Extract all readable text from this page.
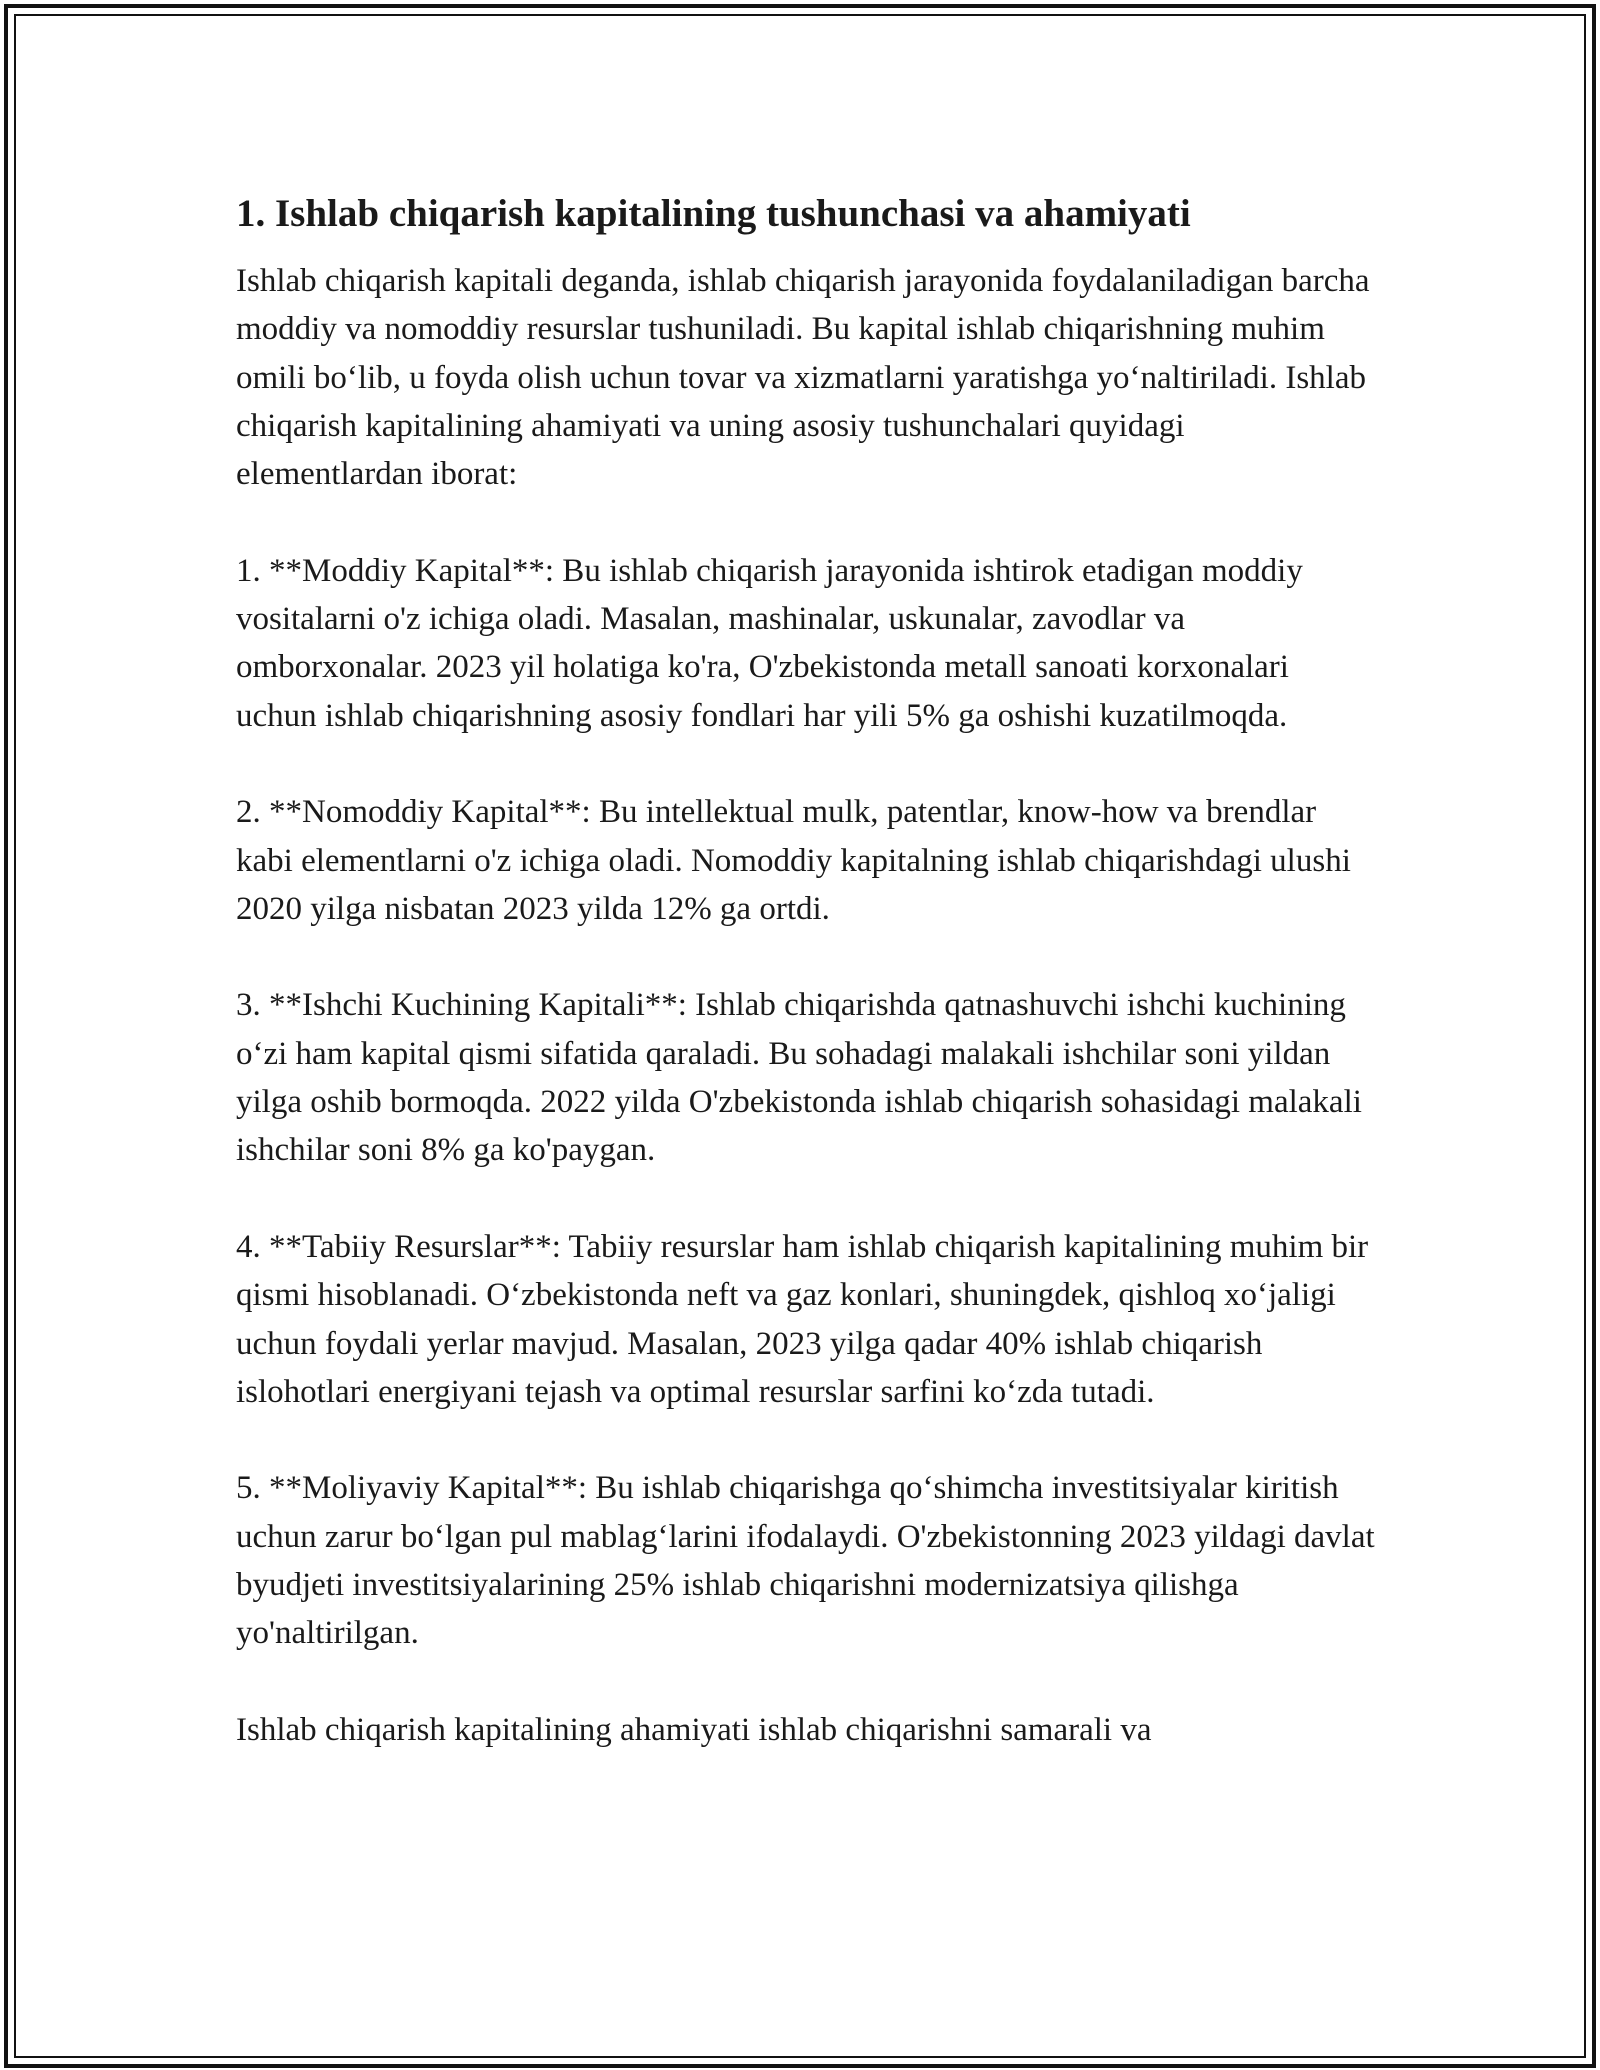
1. Ishlab chiqarish kapitalining tushunchasi va ahamiyati

Ishlab chiqarish kapitali deganda, ishlab chiqarish jarayonida foydalaniladigan barcha moddiy va nomoddiy resurslar tushuniladi. Bu kapital ishlab chiqarishning muhim omili bo‘lib, u foyda olish uchun tovar va xizmatlarni yaratishga yo‘naltiriladi. Ishlab chiqarish kapitalining ahamiyati va uning asosiy tushunchalari quyidagi elementlardan iborat:

1. **Moddiy Kapital**: Bu ishlab chiqarish jarayonida ishtirok etadigan moddiy vositalarni o'z ichiga oladi. Masalan, mashinalar, uskunalar, zavodlar va omborxonalar. 2023 yil holatiga ko'ra, O'zbekistonda metall sanoati korxonalari uchun ishlab chiqarishning asosiy fondlari har yili 5% ga oshishi kuzatilmoqda.

2. **Nomoddiy Kapital**: Bu intellektual mulk, patentlar, know-how va brendlar kabi elementlarni o'z ichiga oladi. Nomoddiy kapitalning ishlab chiqarishdagi ulushi 2020 yilga nisbatan 2023 yilda 12% ga ortdi.

3. **Ishchi Kuchining Kapitali**: Ishlab chiqarishda qatnashuvchi ishchi kuchining o‘zi ham kapital qismi sifatida qaraladi. Bu sohadagi malakali ishchilar soni yildan yilga oshib bormoqda. 2022 yilda O'zbekistonda ishlab chiqarish sohasidagi malakali ishchilar soni 8% ga ko'paygan.

4. **Tabiiy Resurslar**: Tabiiy resurslar ham ishlab chiqarish kapitalining muhim bir qismi hisoblanadi. O‘zbekistonda neft va gaz konlari, shuningdek, qishloq xo‘jaligi uchun foydali yerlar mavjud. Masalan, 2023 yilga qadar 40% ishlab chiqarish islohotlari energiyani tejash va optimal resurslar sarfini ko‘zda tutadi.

5. **Moliyaviy Kapital**: Bu ishlab chiqarishga qo‘shimcha investitsiyalar kiritish uchun zarur bo‘lgan pul mablag‘larini ifodalaydi. O'zbekistonning 2023 yildagi davlat byudjeti investitsiyalarining 25% ishlab chiqarishni modernizatsiya qilishga yo'naltirilgan.

Ishlab chiqarish kapitalining ahamiyati ishlab chiqarishni samarali va
